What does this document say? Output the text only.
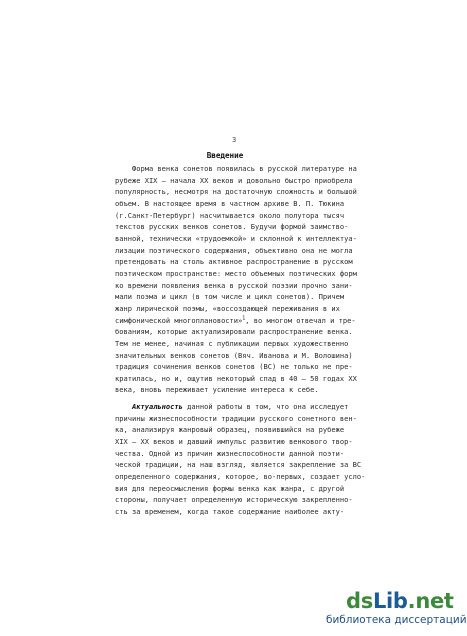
3
Введение
Форма венка сонетов появилась в русской литературе на
рубеже XIX – начала XX веков и довольно быстро приобрела
популярность, несмотря на достаточную сложность и большой
объем. В настоящее время в частном архиве В. П. Тюкина
(г.Санкт-Петербург) насчитывается около полутора тысяч
текстов русских венков сонетов. Будучи формой заимство-
ванной, технически «трудоемкой» и склонной к интеллектуа-
лизации поэтического содержания, объективно она не могла
претендовать на столь активное распространение в русском
поэтическом пространстве: место объемных поэтических форм
ко времени появления венка в русской поэзии прочно зани-
мали поэма и цикл (в том числе и цикл сонетов). Причем
жанр лирической поэмы, «воссоздающей переживания в их
симфонической многоплановости»$^1$, во многом отвечал и тре-
бованиям, которые актуализировали распространение венка.
Тем не менее, начиная с публикации первых художественно
значительных венков сонетов (Вяч. Иванова и М. Волошина)
традиция сочинения венков сонетов (ВС) не только не пре-
кратилась, но и, ощутив некоторый спад в 40 – 50 годах XX
века, вновь переживает усиление интереса к себе.
Актуальность данной работы в том, что она исследует
причины жизнеспособности традиции русского сонетного вен-
ка, анализируя жанровый образец, появившийся на рубеже
XIX – XX веков и давший импульс развитию венкового твор-
чества. Одной из причин жизнеспособности данной поэти-
ческой традиции, на наш взгляд, является закрепление за ВС
определенного содержания, которое, во-первых, создает усло-
вия для переосмысления формы венка как жанра, с другой
стороны, получает определенную историческую закрепленно-
сть за временем, когда такое содержание наиболее акту-
dsLib.net
библиотека диссертаций
